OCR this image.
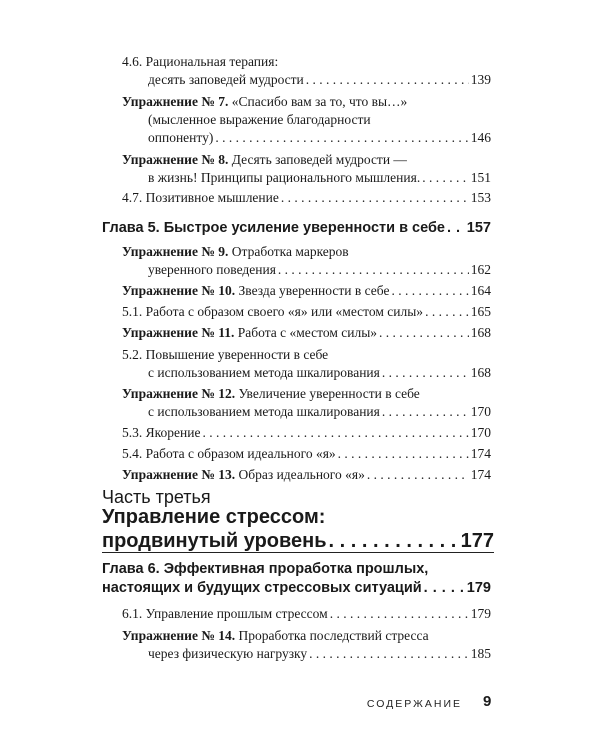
4.6. Рациональная терапия:
десять заповедей мудрости . . .	139
Упражнение № 7. «Спасибо вам за то, что вы…»
(мысленное выражение благодарности
оппоненту) . . .	146
Упражнение № 8. Десять заповедей мудрости —
в жизнь! Принципы рационального мышления. . . .	151
4.7. Позитивное мышление . . .	153
Глава 5. Быстрое усиление уверенности в себе . . . 157
Упражнение № 9. Отработка маркеров
уверенного поведения . . .	162
Упражнение № 10. Звезда уверенности в себе . . .	164
5.1. Работа с образом своего «я» или «местом силы» . . .	165
Упражнение № 11. Работа с «местом силы» . . .	168
5.2. Повышение уверенности в себе
с использованием метода шкалирования . . .	168
Упражнение № 12. Увеличение уверенности в себе
с использованием метода шкалирования . . .	170
5.3. Якорение . . .	170
5.4. Работа с образом идеального «я» . . .	174
Упражнение № 13. Образ идеального «я» . . .	174
Часть третья
Управление стрессом:
продвинутый уровень . . .	177
Глава 6. Эффективная проработка прошлых,
настоящих и будущих стрессовых ситуаций . . .	179
6.1. Управление прошлым стрессом . . .	179
Упражнение № 14. Проработка последствий стресса
через физическую нагрузку . . .	185
СОДЕРЖАНИЕ 9
